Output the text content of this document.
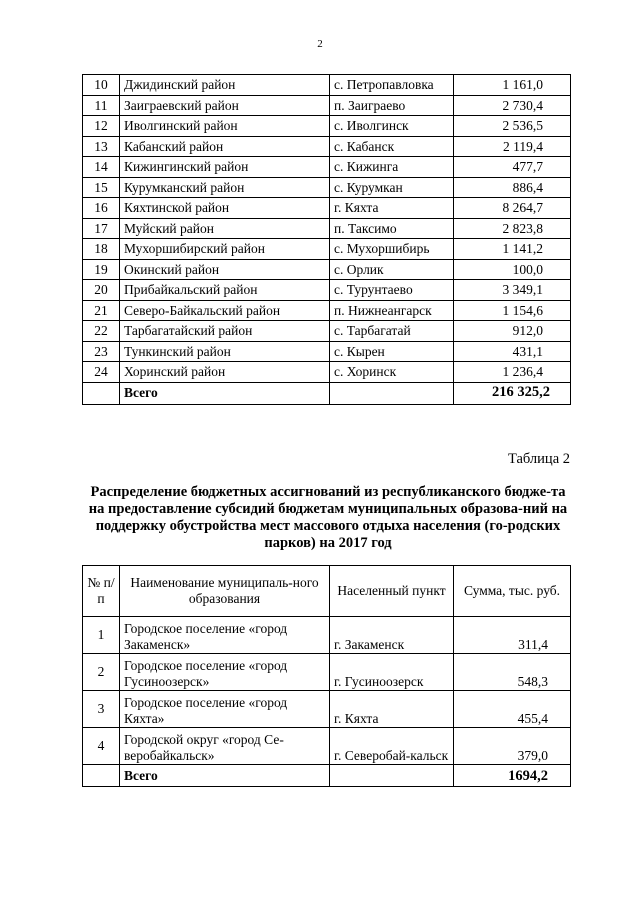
2
10	Джидинский район	с. Петропавловка	1 161,0
11	Заиграевский район	п. Заиграево	2 730,4
12	Иволгинский район	с. Иволгинск	2 536,5
13	Кабанский район	с. Кабанск	2 119,4
14	Кижингинский район	с. Кижинга	477,7
15	Курумканский район	с. Курумкан	886,4
16	Кяхтинской район	г. Кяхта	8 264,7
17	Муйский район	п. Таксимо	2 823,8
18	Мухоршибирский район	с. Мухоршибирь	1 141,2
19	Окинский район	с. Орлик	100,0
20	Прибайкальский район	с. Турунтаево	3 349,1
21	Северо-Байкальский район	п. Нижнеангарск	1 154,6
22	Тарбагатайский район	с. Тарбагатай	912,0
23	Тункинский район	с. Кырен	431,1
24	Хоринский район	с. Хоринск	1 236,4
	Всего		216 325,2
Таблица 2
Распределение бюджетных ассигнований из республиканского бюдже-та на предоставление субсидий бюджетам муниципальных образова-ний на поддержку обустройства мест массового отдыха населения (го-родских парков) на 2017 год
№ п/п	Наименование муниципаль-ного образования	Населенный пункт	Сумма, тыс. руб.
1	Городское поселение «город Закаменск»	г. Закаменск	311,4
2	Городское поселение «город Гусиноозерск»	г. Гусиноозерск	548,3
3	Городское поселение «город Кяхта»	г. Кяхта	455,4
4	Городской округ «город Се-веробайкальск»	г. Северобай-кальск	379,0
	Всего		1694,2
